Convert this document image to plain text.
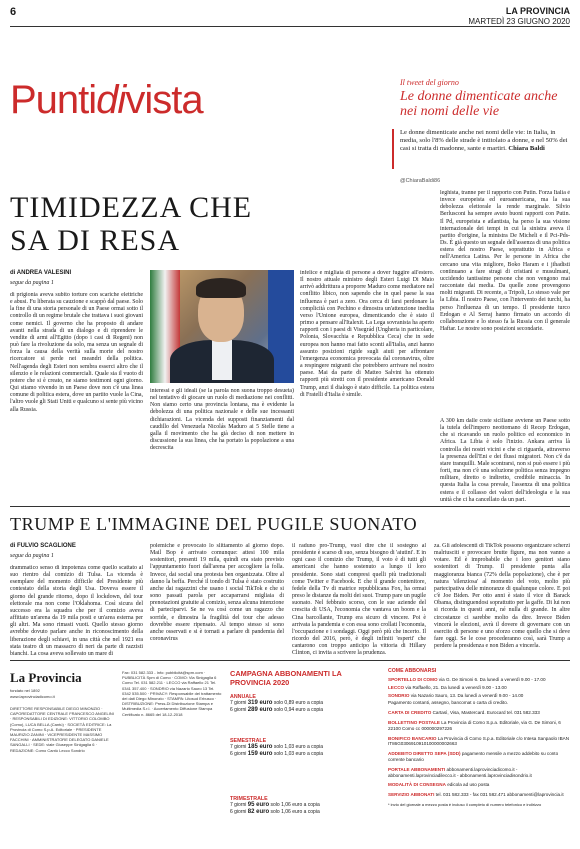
6	LA PROVINCIA
MARTEDÌ 23 GIUGNO 2020
Puntidivista	Il tweet del giorno
Le donne dimenticate anche nei nomi delle vie
Le donne dimenticate anche nei nomi delle vie: in Italia, in media, solo l'8% delle strade è intitolato a donne, e nel 50% dei casi si tratta di madonne, sante e martiri. Chiara Baldi
@ChiaraBaldi86
TIMIDEZZA CHE SA DI RESA
di ANDREA VALESINI
segue da pagina 1
di prigionia aveva subito torture con scariche elettriche e abusi. Fu liberata su cauzione e scappò dal paese. Solo la fine di una storia personale di un Paese ormai sotto il controllo di un regime brutale che trattava i suoi giovani come nemici. Il governo che ha proposto di andare avanti nella strada di un dialogo e di riprendere le vendite di armi all'Egitto (dopo i casi di Regeni) non può fare la rivoluzione da solo, ma senza un segnale di forza la causa della verità sulla morte del nostro ricercatore si perde nei meandri della politica. Nell'agenda degli Esteri non sembra esserci altro che il silenzio e le relazioni commerciali. Quale sia il vuoto di potere che si è creato, ne siamo testimoni ogni giorno. Qui stiamo vivendo in un Paese dove non c'è una linea comune di politica estera, dove un partito vuole la Cina, l'altro vuole gli Stati Uniti e qualcuno si sente più vicino alla Russia.
interessi e gli ideali (se la parola non suona troppo desueta) nel tentativo di giocare un ruolo di mediazione nei conflitti. Non siamo certo una provincia lontana, ma è evidente la debolezza di una politica nazionale e delle sue incessanti dichiarazioni. La vicenda dei supposti finanziamenti dal caudillo del Venezuela Nicolás Maduro ai 5 Stelle tiene a galla il movimento che ha già deciso di non mettere in discussione la sua linea, che ha portato la popolazione a una decrescita
infelice e migliaia di persone a dover fuggire all'estero. Il nostro attuale ministro degli Esteri Luigi Di Maio arrivò addirittura a proporre Maduro come mediatore nel conflitto libico, non sapendo che in quel paese la sua influenza è pari a zero. Ora cerca di farsi perdonare la complicità con Pechino e dimostra un'attenzione inedita verso l'Unione europea, dimenticando che è stato il primo a pensare all'Italexit. La Lega sovranista ha aperto rapporti con i paesi di Visegrád (Ungheria in particolare, Polonia, Slovacchia e Repubblica Ceca) che in sede europea non hanno mai fatto sconti all'Italia, anzi hanno assunto posizioni rigide sugli aiuti per affrontare l'emergenza economica provocata dal coronavirus, oltre a respingere migranti che potrebbero arrivare nel nostro paese. Mai da parte di Matteo Salvini ha ottenuto rapporti più stretti con il presidente americano Donald Trump, anzi il dialogo è stato difficile. La politica estera di Fratelli d'Italia è simile.
leghista, tranne per il rapporto con Putin. Forza Italia è invece europeista ed euroamericana, ma la sua debolezza elettorale la rende marginale. Silvio Berlusconi ha sempre avuto buoni rapporti con Putin. Il Pd, europeista e atlantista, ha perso la sua visione internazionale dei tempi in cui la sinistra aveva il partito d'origine, la ministra De Micheli e il Pci-Pds-Ds. È già questo un segnale dell'assenza di una politica estera del nostro Paese, soprattutto in Africa e nell'America Latina. Per le persone in Africa che cercano una vita migliore, Boko Haram e i jihadisti continuano a fare stragi di cristiani e musulmani, uccidendo tantissime persone che non vengono mai raccontate dai media. Da quelle zone provengono molti migranti. Di recente, a Tripoli, Lo stesso vale per la Libia. Il nostro Paese, con l'intervento dei turchi, ha perso l'influenza di un tempo. Il presidente turco Erdogan e Al Serraj hanno firmato un accordo di collaborazione e lo stesso fa la Russia con il generale Haftar. Le nostre sono posizioni secondarie.
A 300 km dalle coste siciliane avviene un Paese sotto la tutela dell'impero neottomano di Recep Erdogan, che si ricavando un ruolo politico ed economico in Africa. La Libia è solo l'inizio. Ankara arriva là controlla dei nostri vicini e che ci riguarda, attraverso la presenza dell'Eni e dei flussi migratori. Non c'è da stare tranquilli. Male scontrarsi, non si può essere i più forti, ma non c'è una soluzione politica senza impegno militare, diretto o indiretto, credibile minaccia. In questa Italia la cosa prevale, l'assenza di una politica estera e il collasso dei valori dell'ideologia e la sua unità che ci ha cancellato da un pari.
TRUMP E L'IMMAGINE DEL PUGILE SUONATO
di FULVIO SCAGLIONE
segue da pagina 1
drammatico senso di impotenza come quello scattato al suo rientro dal comizio di Tulsa. La vicenda è esemplare del momento difficile del Presidente più contestato della storia degli Usa. Doveva essere il giorno del grande ritorno, dopo il lockdown, del tour elettorale ma non come l'Oklahoma. Così sicura del successo era la squadra che per il comizio aveva affittato un'arena da 19 mila posti e un'area esterna per gli altri. Ma sono rimasti vuoti. Quello stesso giorno avrebbe dovuto parlare anche in riconoscimento della liberazione degli schiavi, in una città che nel 1921 era stata teatro di un massacro di neri da parte di razzisti bianchi. La cosa aveva sollevato un mare di
polemiche e provocato lo slittamento al giorno dopo. Mail Bop è arrivato comunque: attesi 100 mila sostenitori, presenti 19 mila, quindi era stato previsto l'appuntamento fuori dall'arena per accogliere la folla. Invece, dai social una protesta ben organizzata. Oltre al danno la beffa. Perché il tondo di Tulsa è stato costruito anche dai ragazzini che usano i social TikTok e che si sono passati parola per accaparrarsi migliaia di prenotazioni gratuite al comizio, senza alcuna intenzione di parteciparvi. Se ne va così come un ragazzo che sorride, e dimostra la fragilità del tour che adesso dovrebbe essere ripensato. Al tempo stesso si sono anche osservati e si è tornati a parlare di pandemia del coronavirus
il raduno pro-Trump, vuol dire che il sostegno al presidente è scarso di suo, senza bisogno di 'aiutini'. E in ogni caso il comizio che Trump, il voto è di tutti gli americani che hanno sostenuto a lungo il loro presidente. Sono stati compresi quelli più tradizionali come Twitter e Facebook. E che il grande contenitore, fedele della Tv di matrice repubblicana Fox, ha ormai preso le distanze da molti dei suoi. Trump pare un pugile suonato. Nel febbraio scorso, con le sue aziende del crescita di USA, l'economia che vantava un boom e la Cina barcollante, Trump era sicuro di vincere. Poi è arrivata la pandemia e con essa sono crollati l'economia, l'occupazione e i sondaggi. Oggi però più che incerto. Il ricordo del 2016, però, è degli infiniti 'esperti' che cantarono con troppo anticipo la vittoria di Hillary Clinton, ci invita a scrivere la prudenza.
za. Gli adolescenti di TikTok possono organizzare scherzi malriusciti e provocare brutte figure, ma non vanno a votare. Ed è improbabile che i loro genitori siano sostenitori di Trump. Il presidente punta alla maggioranza bianca (72% della popolazione), che è per natura 'silenziosa' al momento del voto, molto più partecipativa delle minoranze di qualunque colore. E poi c'è Joe Biden. Per otto anni è stato il vice di Barack Obama, distinguendosi soprattutto per la gaffe. Di lui non si ricorda in questi anni, né nulla di grande. In altre circostanze ci sarebbe molto da dire. Invece Biden vincerà le elezioni, avrà il dovere di governare con un esercito di persone e uno sforzo come quello che si deve fare oggi. Se le cose procederanno così, sarà Trump a perdere la presidenza e non Biden a vincerla.
La Provincia
fondato nel 1892
www.laprovinciadicomo.it
DIRETTORE RESPONSABILE DIEGO MINONZIO · CAPOREDATTORE CENTRALE FRANCESCO ANGELINI · RESPONSABILI DI EDIZIONE: VITTORIO COLOMBO (Como), LUCA BELLA (Cantù) · SOCIETÀ EDITRICE: La Provincia di Como S.p.A. Editoriale · PRESIDENTE MAURIZIO ZANINI · VICEPRESIDENTE MASSIMO FACCHINI · AMMINISTRATORE DELEGATO DANIELE SANGALLI · SEDE: viale Giuseppe Sinigaglia 6 · REDAZIONE: Como Cantù Lecco Sondrio
Fax: 031 582.333 - Info: pubblicità@spm.com · PUBBLICITÀ Spm di Como · COMO: Via Sinigaglia 6 Como Tel. 031 582.211 · LECCO via Raffaello 21 Tel. 0341 357.400 · SONDRIO via Nazario Sauro 13 Tel. 0342 535.500 · PRIVACY: Responsabile del trattamento dei dati Diego Minonzio · STAMPA: Litosud Erbusco · DISTRIBUZIONE: Press-Di Distribuzione Stampa e Multimedia S.r.l. · Accertamento Diffusione Stampa Certificato n. 8665 del 18-12-2018
CAMPAGNA ABBONAMENTI LA PROVINCIA 2020
ANNUALE
7 giorni 319 euro solo 0,89 euro a copia
6 giorni 289 euro solo 0,94 euro a copia
SEMESTRALE
7 giorni 185 euro solo 1,03 euro a copia
6 giorni 159 euro solo 1,03 euro a copia
TRIMESTRALE
7 giorni 95 euro solo 1,06 euro a copia
6 giorni 82 euro solo 1,06 euro a copia
COME ABBONARSI
SPORTELLO DI COMO via G. De Simoni 6. Da lunedì a venerdì 9.00 - 17.00
LECCO via Raffaello, 21. Da lunedì a venerdì 9.00 - 13.00
SONDRIO via Nazario Sauro, 13. Da lunedì a venerdì 9.00 - 14.00
Pagamento contanti, assegno, bancomat o carta di credito.
CARTA DI CREDITO Cartasì, Visa, Mastercard. Eurocard tel. 031 582.333
BOLLETTINO POSTALE La Provincia di Como S.p.a. Editoriale, via G. De Simoni, 6 22100 Como cc 000000297226
BONIFICO BANCARIO La Provincia di Como S.p.a. Editoriale c/o Intesa Sanpaolo IBAN IT86G0306910910100000002663
ADDEBITO DIRETTO SEPA (SDD) pagamento mensile a mezzo addebito su conto corrente bancario
PORTALE ABBONAMENTI abbonamenti.laprovinciadicomo.it - abbonamenti.laprovinciadilecco.it - abbonamenti.laprovinciadisondrio.it
MODALITÀ DI CONSEGNA edicola ad uso posta
SERVIZIO ABBONATI tel. 031 582.333 - fax 031 582.471 abbonamenti@laprovincia.it
* invio del giornale a mezzo posta è incluso il completo di numero telefonico e indirizzo
